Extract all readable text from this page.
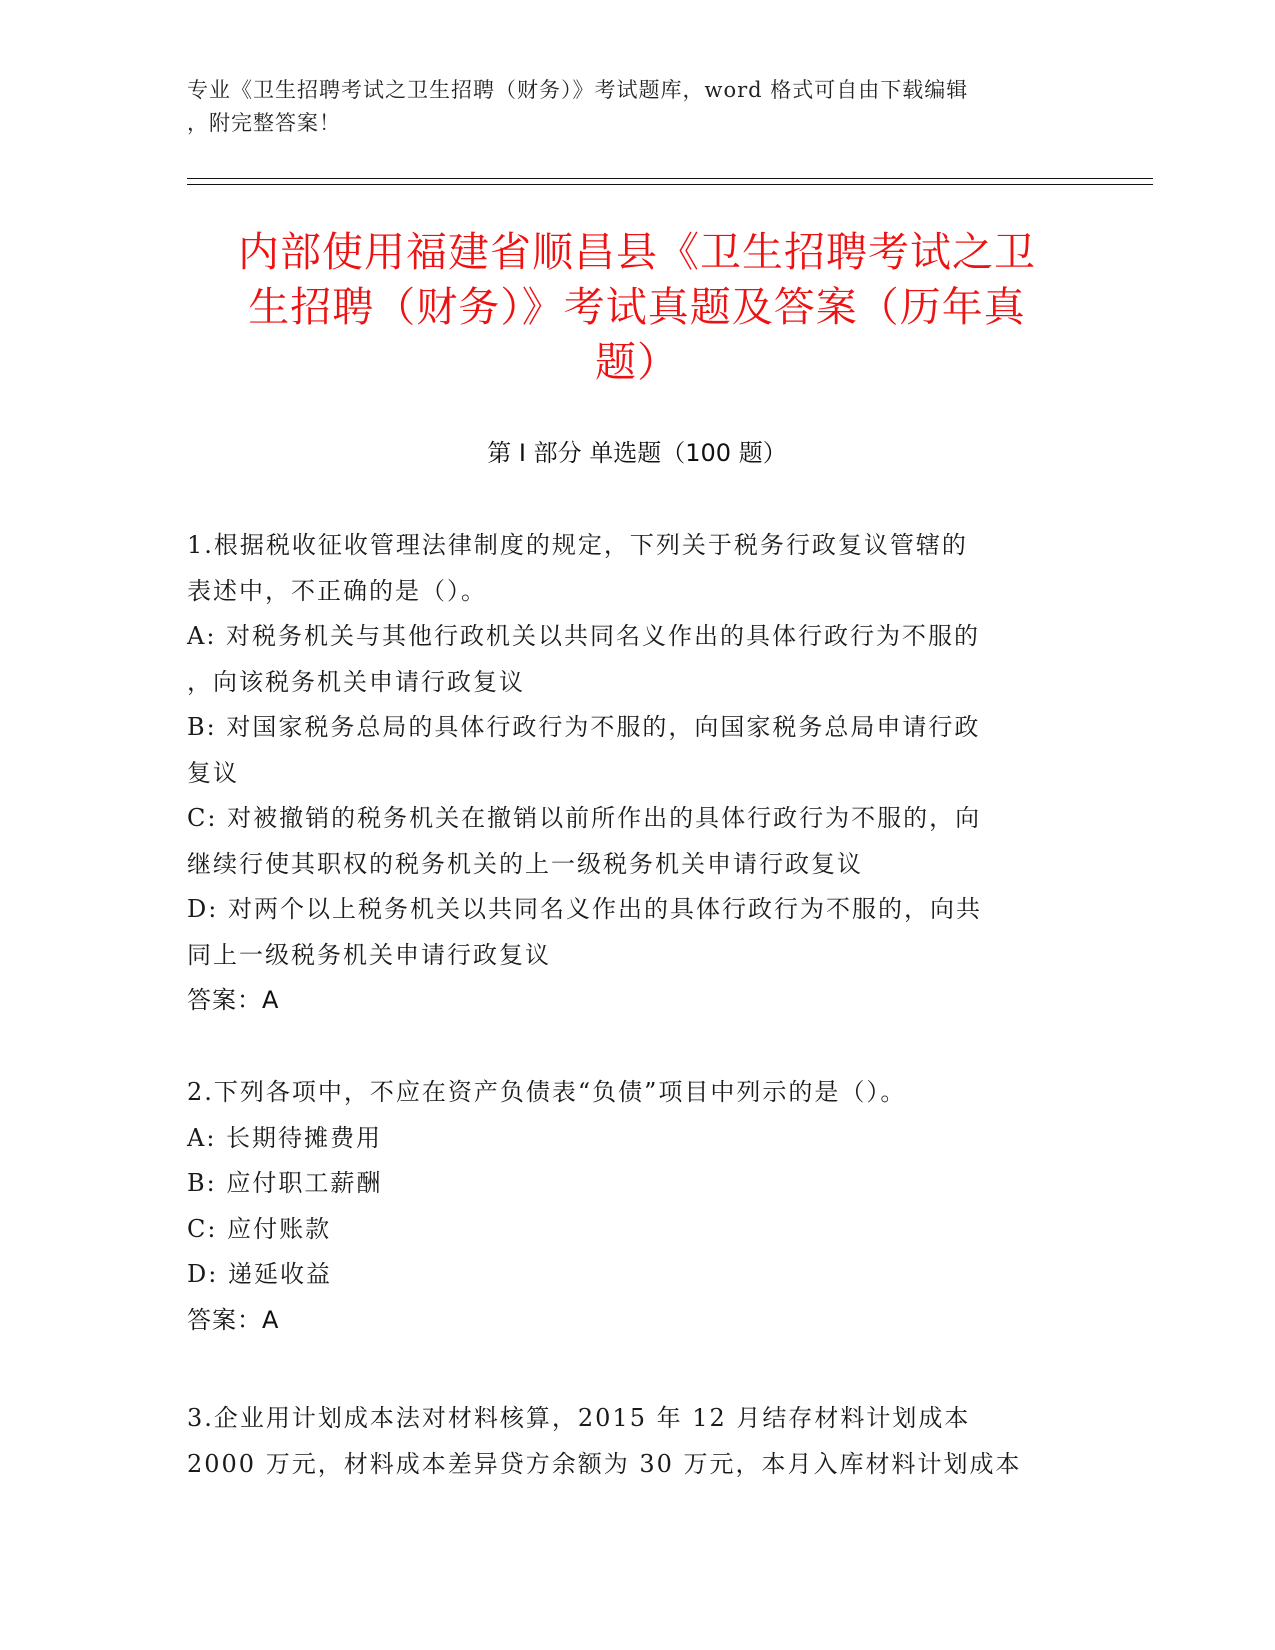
专业《卫生招聘考试之卫生招聘（财务）》考试题库，word 格式可自由下载编辑
，附完整答案！
内部使用福建省顺昌县《卫生招聘考试之卫
生招聘（财务）》考试真题及答案（历年真
题）
第 I 部分 单选题（100 题）
1.根据税收征收管理法律制度的规定，下列关于税务行政复议管辖的
表述中，不正确的是（）。
A: 对税务机关与其他行政机关以共同名义作出的具体行政行为不服的
，向该税务机关申请行政复议
B: 对国家税务总局的具体行政行为不服的，向国家税务总局申请行政
复议
C: 对被撤销的税务机关在撤销以前所作出的具体行政行为不服的，向
继续行使其职权的税务机关的上一级税务机关申请行政复议
D: 对两个以上税务机关以共同名义作出的具体行政行为不服的，向共
同上一级税务机关申请行政复议
答案：A
2.下列各项中，不应在资产负债表“负债”项目中列示的是（）。
A: 长期待摊费用
B: 应付职工薪酬
C: 应付账款
D: 递延收益
答案：A
3.企业用计划成本法对材料核算，2015 年 12 月结存材料计划成本
2000 万元，材料成本差异贷方余额为 30 万元，本月入库材料计划成本
